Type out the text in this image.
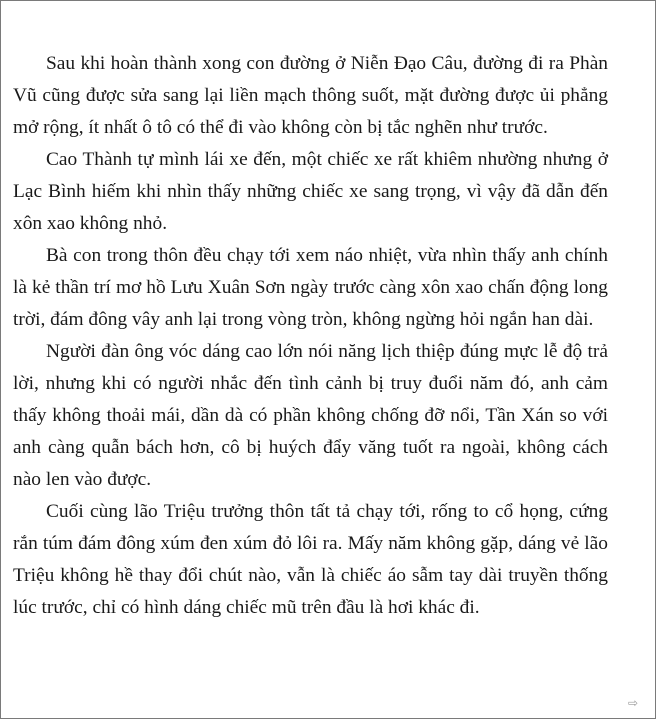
Sau khi hoàn thành xong con đường ở Niễn Đạo Câu, đường đi ra Phàn Vũ cũng được sửa sang lại liền mạch thông suốt, mặt đường được ủi phẳng mở rộng, ít nhất ô tô có thể đi vào không còn bị tắc nghẽn như trước.

Cao Thành tự mình lái xe đến, một chiếc xe rất khiêm nhường nhưng ở Lạc Bình hiếm khi nhìn thấy những chiếc xe sang trọng, vì vậy đã dẫn đến xôn xao không nhỏ.

Bà con trong thôn đều chạy tới xem náo nhiệt, vừa nhìn thấy anh chính là kẻ thần trí mơ hồ Lưu Xuân Sơn ngày trước càng xôn xao chấn động long trời, đám đông vây anh lại trong vòng tròn, không ngừng hỏi ngắn han dài.

Người đàn ông vóc dáng cao lớn nói năng lịch thiệp đúng mực lễ độ trả lời, nhưng khi có người nhắc đến tình cảnh bị truy đuổi năm đó, anh cảm thấy không thoải mái, dần dà có phần không chống đỡ nổi, Tần Xán so với anh càng quẫn bách hơn, cô bị huých đẩy văng tuốt ra ngoài, không cách nào len vào được.

Cuối cùng lão Triệu trưởng thôn tất tả chạy tới, rống to cổ họng, cứng rắn túm đám đông xúm đen xúm đỏ lôi ra. Mấy năm không gặp, dáng vẻ lão Triệu không hề thay đổi chút nào, vẫn là chiếc áo sẫm tay dài truyền thống lúc trước, chỉ có hình dáng chiếc mũ trên đầu là hơi khác đi.

⇨
